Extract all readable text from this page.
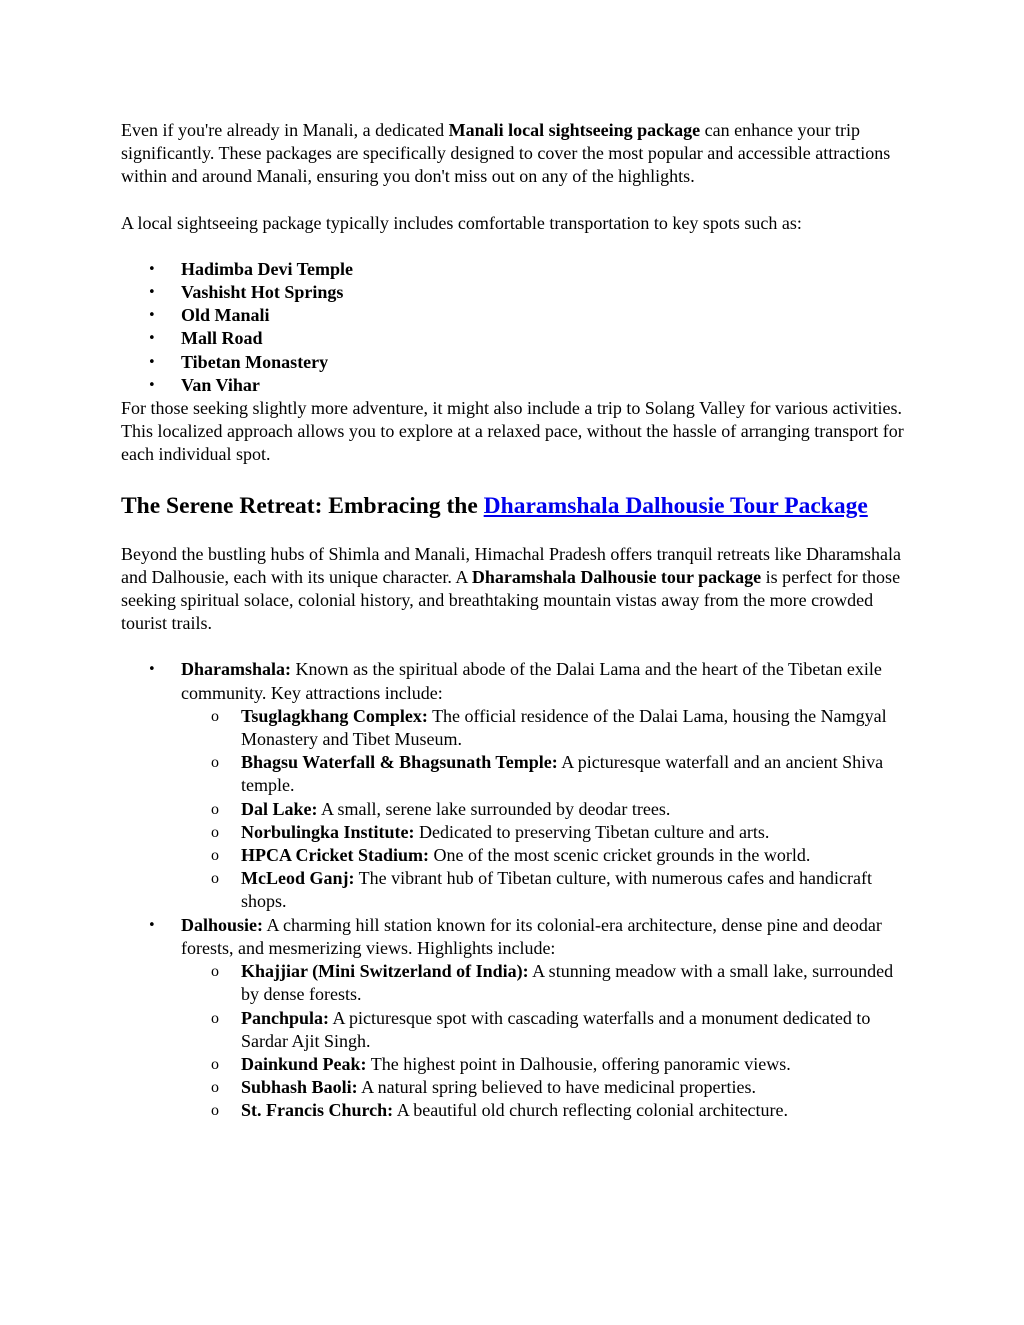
Even if you're already in Manali, a dedicated Manali local sightseeing package can enhance your trip significantly. These packages are specifically designed to cover the most popular and accessible attractions within and around Manali, ensuring you don't miss out on any of the highlights.

A local sightseeing package typically includes comfortable transportation to key spots such as:

• Hadimba Devi Temple
• Vashisht Hot Springs
• Old Manali
• Mall Road
• Tibetan Monastery
• Van Vihar

For those seeking slightly more adventure, it might also include a trip to Solang Valley for various activities. This localized approach allows you to explore at a relaxed pace, without the hassle of arranging transport for each individual spot.

The Serene Retreat: Embracing the Dharamshala Dalhousie Tour Package

Beyond the bustling hubs of Shimla and Manali, Himachal Pradesh offers tranquil retreats like Dharamshala and Dalhousie, each with its unique character. A Dharamshala Dalhousie tour package is perfect for those seeking spiritual solace, colonial history, and breathtaking mountain vistas away from the more crowded tourist trails.

• Dharamshala: Known as the spiritual abode of the Dalai Lama and the heart of the Tibetan exile community. Key attractions include:
o Tsuglagkhang Complex: The official residence of the Dalai Lama, housing the Namgyal Monastery and Tibet Museum.
o Bhagsu Waterfall & Bhagsunath Temple: A picturesque waterfall and an ancient Shiva temple.
o Dal Lake: A small, serene lake surrounded by deodar trees.
o Norbulingka Institute: Dedicated to preserving Tibetan culture and arts.
o HPCA Cricket Stadium: One of the most scenic cricket grounds in the world.
o McLeod Ganj: The vibrant hub of Tibetan culture, with numerous cafes and handicraft shops.
• Dalhousie: A charming hill station known for its colonial-era architecture, dense pine and deodar forests, and mesmerizing views. Highlights include:
o Khajjiar (Mini Switzerland of India): A stunning meadow with a small lake, surrounded by dense forests.
o Panchpula: A picturesque spot with cascading waterfalls and a monument dedicated to Sardar Ajit Singh.
o Dainkund Peak: The highest point in Dalhousie, offering panoramic views.
o Subhash Baoli: A natural spring believed to have medicinal properties.
o St. Francis Church: A beautiful old church reflecting colonial architecture.
